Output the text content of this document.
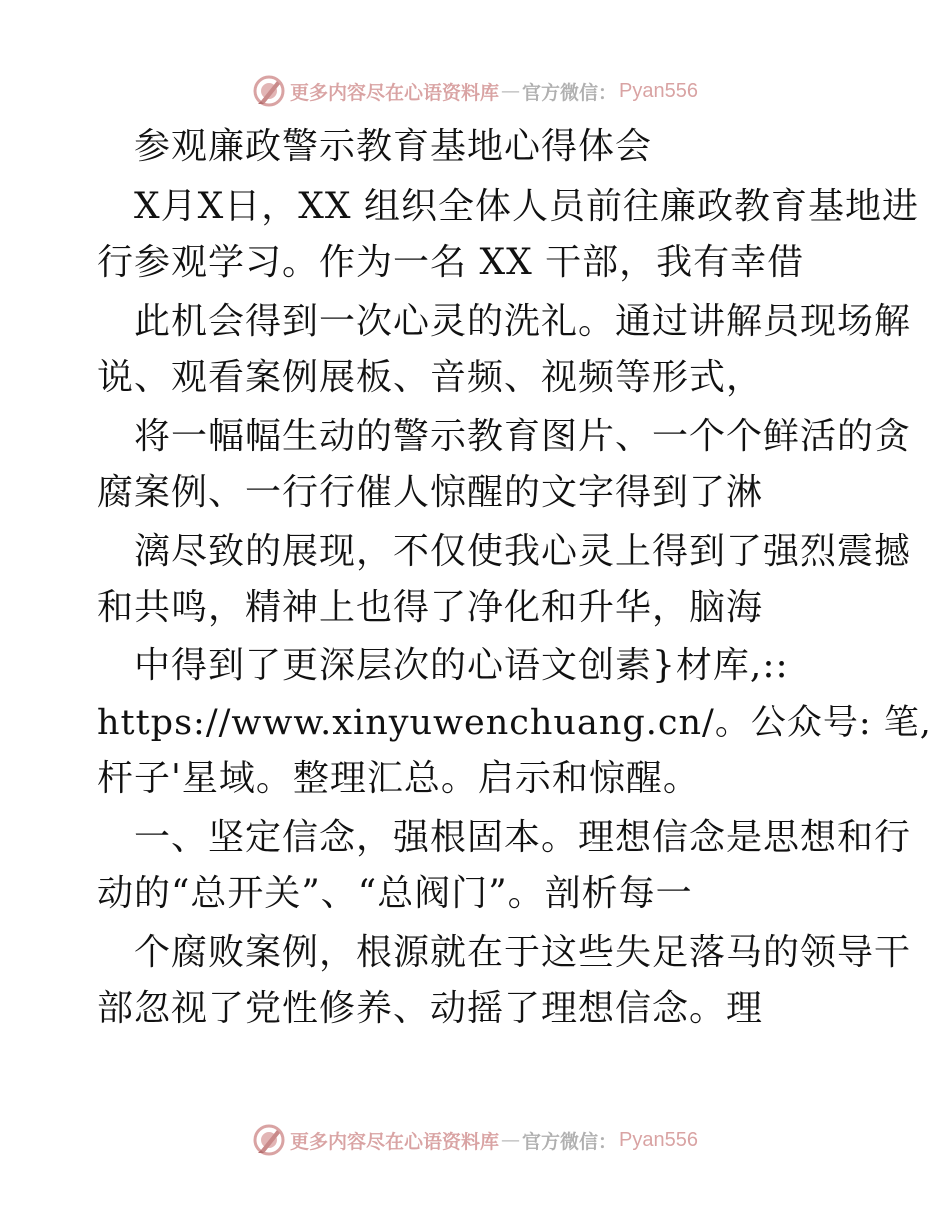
更多内容尽在心语资料库 — 官方微信： Pyan556
参观廉政警示教育基地心得体会
X月X日，XX 组织全体人员前往廉政教育基地进
行参观学习。作为一名 XX 干部，我有幸借
此机会得到一次心灵的洗礼。通过讲解员现场解
说、观看案例展板、音频、视频等形式，
将一幅幅生动的警示教育图片、一个个鲜活的贪
腐案例、一行行催人惊醒的文字得到了淋
漓尽致的展现，不仅使我心灵上得到了强烈震撼
和共鸣，精神上也得了净化和升华，脑海
中得到了更深层次的心语文创素}材库,::
https://www.xinyuwenchuang.cn/。公众号: 笔,
杆子'星域。整理汇总。启示和惊醒。
一、坚定信念，强根固本。理想信念是思想和行
动的“总开关”、“总阀门”。剖析每一
个腐败案例，根源就在于这些失足落马的领导干
部忽视了党性修养、动摇了理想信念。理
更多内容尽在心语资料库 — 官方微信： Pyan556
